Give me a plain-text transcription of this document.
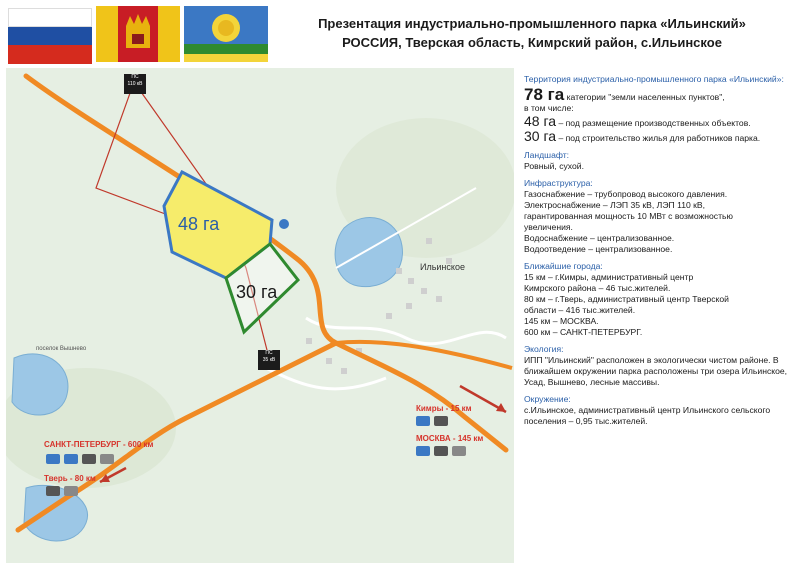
Презентация индустриально-промышленного парка «Ильинский»
РОССИЯ, Тверская область, Кимрский район, с.Ильинское
48 га
30 га
Ильинское
поселок Вышнево
ПС
110 кВ
ПС
35 кВ
Кимры - 15 км
МОСКВА - 145 км
САНКТ-ПЕТЕРБУРГ - 600 км
Тверь - 80 км
Территория индустриально-промышленного парка «Ильинский»:
78 га категории "земли населенных пунктов",
в том числе:
48 га – под размещение производственных объектов.
30 га – под строительство жилья для работников парка.
Ландшафт:
Ровный, сухой.
Инфраструктура:
Газоснабжение – трубопровод высокого давления.
Электроснабжение – ЛЭП 35 кВ, ЛЭП 110 кВ,
гарантированная мощность 10 МВт с возможностью
увеличения.
Водоснабжение – централизованное.
Водоотведение – централизованное.
Ближайшие города:
15 км – г.Кимры, административный центр
Кимрского района – 46 тыс.жителей.
80 км – г.Тверь, административный центр Тверской
области – 416 тыс.жителей.
145 км – МОСКВА.
600 км – САНКТ-ПЕТЕРБУРГ.
Экология:
ИПП "Ильинский" расположен в экологически чистом районе. В ближайшем окружении парка расположены три озера Ильинское, Усад, Вышнево, лесные массивы.
Окружение:
с.Ильинское, административный центр Ильинского сельского поселения – 0,95 тыс.жителей.
